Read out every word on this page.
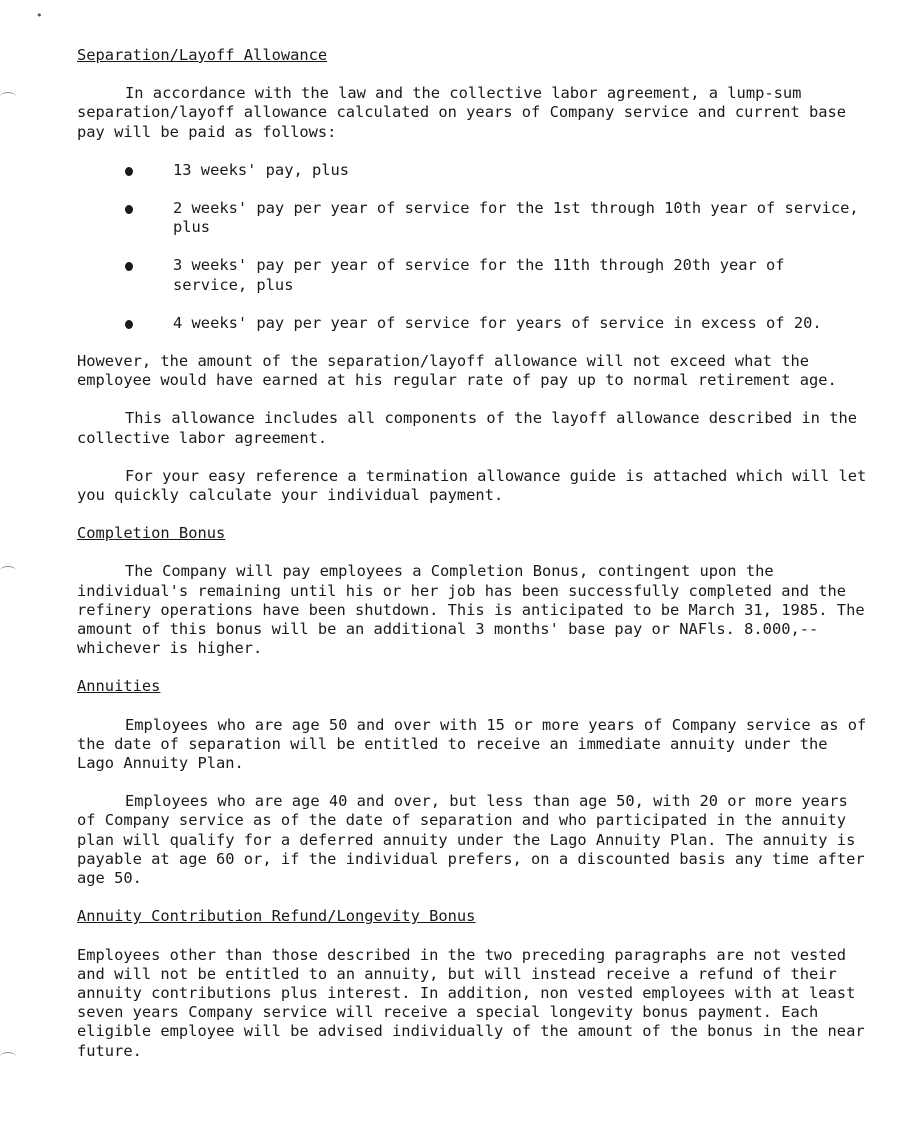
•
Separation/Layoff Allowance

In accordance with the law and the collective labor agreement, a lump-sum separation/layoff allowance calculated on years of Company service and current base pay will be paid as follows:

13 weeks' pay, plus
2 weeks' pay per year of service for the 1st through 10th year of service, plus
3 weeks' pay per year of service for the 11th through 20th year of service, plus
4 weeks' pay per year of service for years of service in excess of 20.

However, the amount of the separation/layoff allowance will not exceed what the employee would have earned at his regular rate of pay up to normal retirement age.

This allowance includes all components of the layoff allowance described in the collective labor agreement.

For your easy reference a termination allowance guide is attached which will let you quickly calculate your individual payment.

Completion Bonus

The Company will pay employees a Completion Bonus, contingent upon the individual's remaining until his or her job has been successfully completed and the refinery operations have been shutdown. This is anticipated to be March 31, 1985. The amount of this bonus will be an additional 3 months' base pay or NAFls. 8.000,-- whichever is higher.

Annuities

Employees who are age 50 and over with 15 or more years of Company service as of the date of separation will be entitled to receive an immediate annuity under the Lago Annuity Plan.

Employees who are age 40 and over, but less than age 50, with 20 or more years of Company service as of the date of separation and who participated in the annuity plan will qualify for a deferred annuity under the Lago Annuity Plan. The annuity is payable at age 60 or, if the individual prefers, on a discounted basis any time after age 50.

Annuity Contribution Refund/Longevity Bonus

Employees other than those described in the two preceding paragraphs are not vested and will not be entitled to an annuity, but will instead receive a refund of their annuity contributions plus interest. In addition, non vested employees with at least seven years Company service will receive a special longevity bonus payment. Each eligible employee will be advised individually of the amount of the bonus in the near future.
